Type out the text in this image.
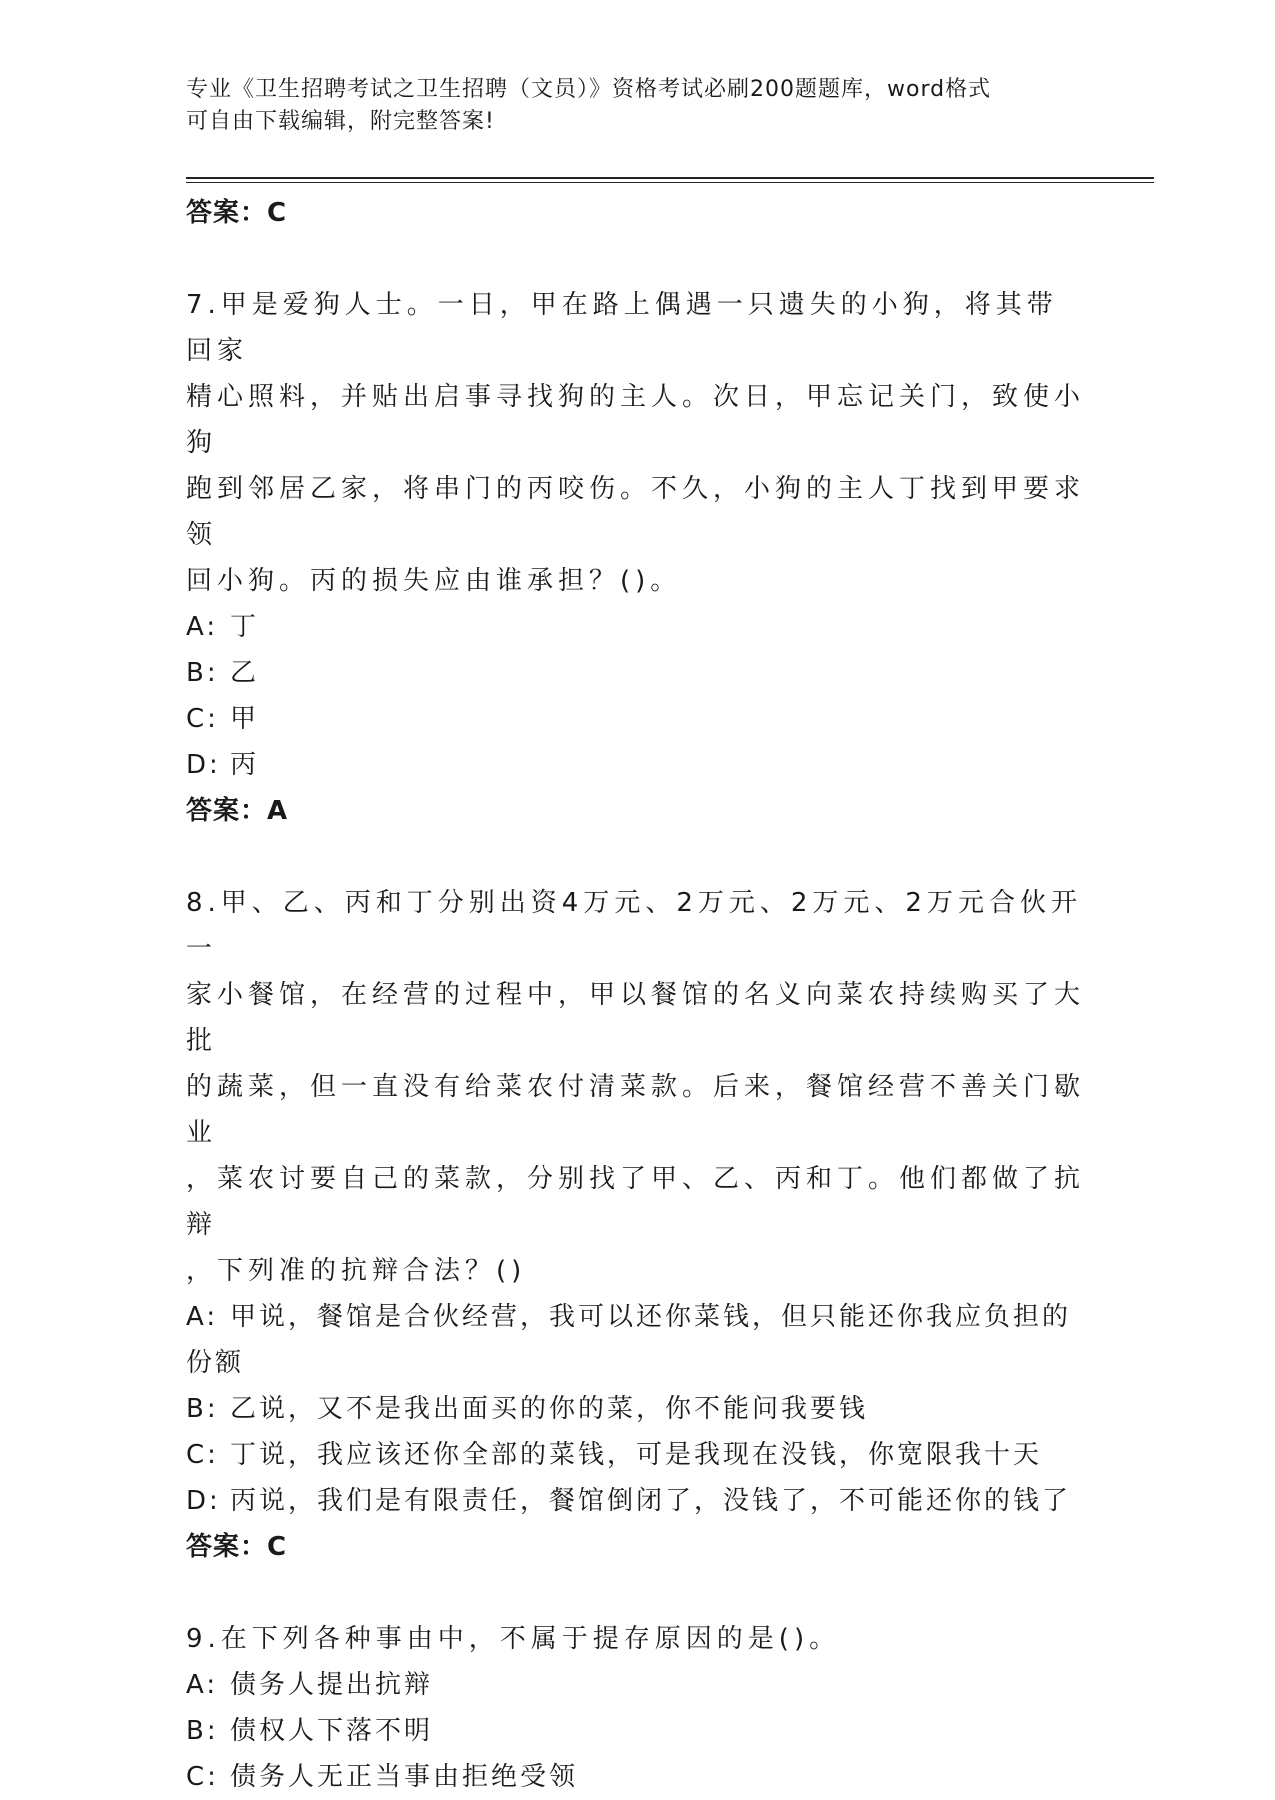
专业《卫生招聘考试之卫生招聘（文员）》资格考试必刷200题题库，word格式
可自由下载编辑，附完整答案!

答案：C

7.甲是爱狗人士。一日，甲在路上偶遇一只遗失的小狗，将其带回家

精心照料，并贴出启事寻找狗的主人。次日，甲忘记关门，致使小狗

跑到邻居乙家，将串门的丙咬伤。不久，小狗的主人丁找到甲要求领

回小狗。丙的损失应由谁承担？()。

A: 丁
B: 乙
C: 甲
D: 丙

答案：A

8.甲、乙、丙和丁分别出资4万元、2万元、2万元、2万元合伙开一

家小餐馆，在经营的过程中，甲以餐馆的名义向菜农持续购买了大批

的蔬菜，但一直没有给菜农付清菜款。后来，餐馆经营不善关门歇业

，菜农讨要自己的菜款，分别找了甲、乙、丙和丁。他们都做了抗辩

，下列准的抗辩合法？()

A: 甲说，餐馆是合伙经营，我可以还你菜钱，但只能还你我应负担的
份额
B: 乙说，又不是我出面买的你的菜，你不能问我要钱
C: 丁说，我应该还你全部的菜钱，可是我现在没钱，你宽限我十天
D: 丙说，我们是有限责任，餐馆倒闭了，没钱了，不可能还你的钱了

答案：C

9.在下列各种事由中，不属于提存原因的是()。

A: 债务人提出抗辩
B: 债权人下落不明
C: 债务人无正当事由拒绝受领
